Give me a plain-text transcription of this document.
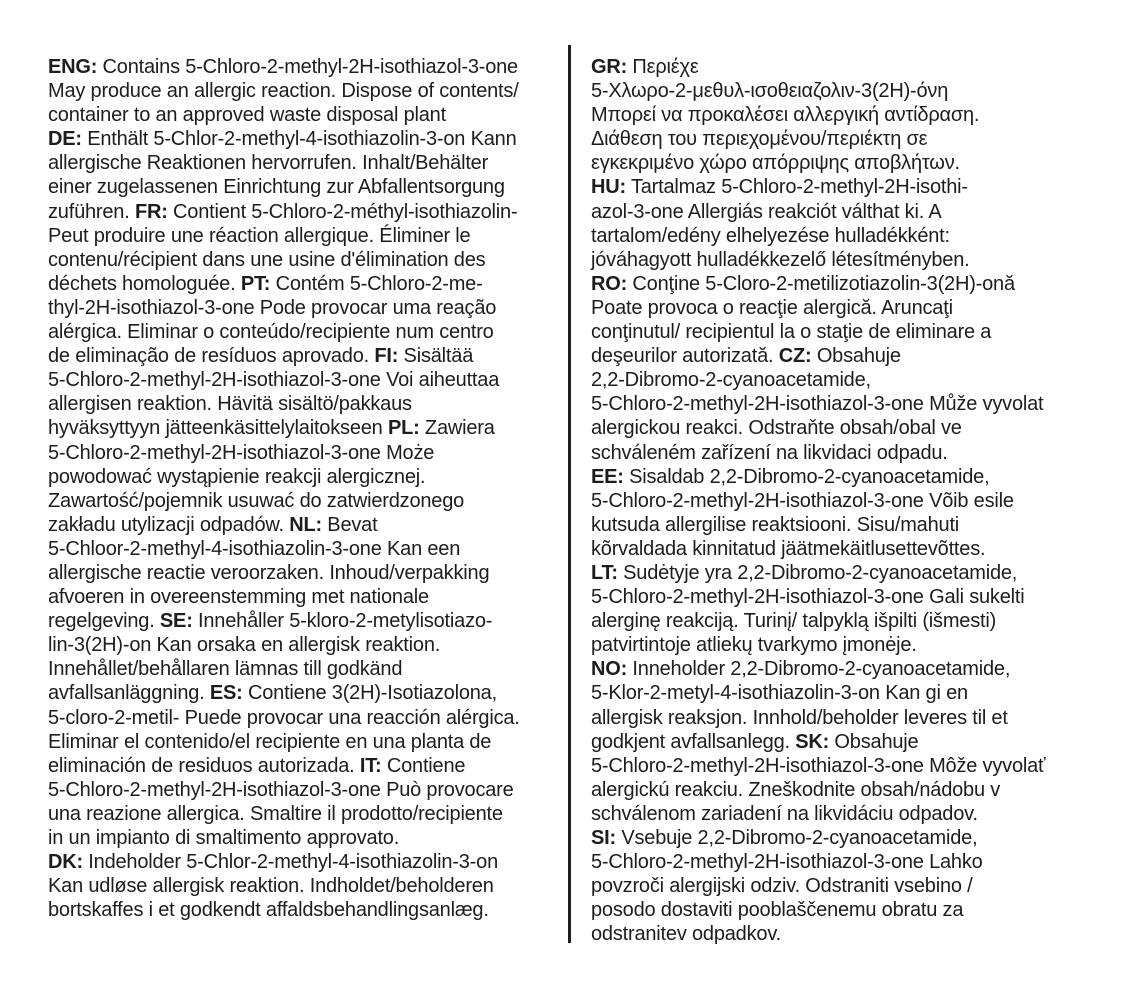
ENG: Contains 5-Chloro-2-methyl-2H-isothiazol-3-one
May produce an allergic reaction. Dispose of contents/
container to an approved waste disposal plant
DE: Enthält 5-Chlor-2-methyl-4-isothiazolin-3-on Kann
allergische Reaktionen hervorrufen. Inhalt/Behälter
einer zugelassenen Einrichtung zur Abfallentsorgung
zuführen. FR: Contient 5-Chloro-2-méthyl-isothiazolin-
Peut produire une réaction allergique. Éliminer le
contenu/récipient dans une usine d'élimination des
déchets homologuée. PT: Contém 5-Chloro-2-me-
thyl-2H-isothiazol-3-one Pode provocar uma reação
alérgica. Eliminar o conteúdo/recipiente num centro
de eliminação de resíduos aprovado. FI: Sisältää
5-Chloro-2-methyl-2H-isothiazol-3-one Voi aiheuttaa
allergisen reaktion. Hävitä sisältö/pakkaus
hyväksyttyyn jätteenkäsittelylaitokseen PL: Zawiera
5-Chloro-2-methyl-2H-isothiazol-3-one Może
powodować wystąpienie reakcji alergicznej.
Zawartość/pojemnik usuwać do zatwierdzonego
zakładu utylizacji odpadów. NL: Bevat
5-Chloor-2-methyl-4-isothiazolin-3-one Kan een
allergische reactie veroorzaken. Inhoud/verpakking
afvoeren in overeenstemming met nationale
regelgeving. SE: Innehåller 5-kloro-2-metylisotiazo-
lin-3(2H)-on Kan orsaka en allergisk reaktion.
Innehållet/behållaren lämnas till godkänd
avfallsanläggning. ES: Contiene 3(2H)-Isotiazolona,
5-cloro-2-metil- Puede provocar una reacción alérgica.
Eliminar el contenido/el recipiente en una planta de
eliminación de residuos autorizada. IT: Contiene
5-Chloro-2-methyl-2H-isothiazol-3-one Può provocare
una reazione allergica. Smaltire il prodotto/recipiente
in un impianto di smaltimento approvato.
DK: Indeholder 5-Chlor-2-methyl-4-isothiazolin-3-on
Kan udløse allergisk reaktion. Indholdet/beholderen
bortskaffes i et godkendt affaldsbehandlingsanlæg.
GR: Περιέχε
5-Χλωρο-2-μεθυλ-ισοθειαζολιν-3(2Η)-όνη
Μπορεί να προκαλέσει αλλεργική αντίδραση.
Διάθεση του περιεχομένου/περιέκτη σε
εγκεκριμένο χώρο απόρριψης αποβλήτων.
HU: Tartalmaz 5-Chloro-2-methyl-2H-isothi-
azol-3-one Allergiás reakciót válthat ki. A
tartalom/edény elhelyezése hulladékként:
jóváhagyott hulladékkezelő létesítményben.
RO: Conţine 5-Cloro-2-metilizotiazolin-3(2H)-onă
Poate provoca o reacţie alergică. Aruncaţi
conţinutul/ recipientul la o staţie de eliminare a
deşeurilor autorizată. CZ: Obsahuje
2,2-Dibromo-2-cyanoacetamide,
5-Chloro-2-methyl-2H-isothiazol-3-one Může vyvolat
alergickou reakci. Odstraňte obsah/obal ve
schváleném zařízení na likvidaci odpadu.
EE: Sisaldab 2,2-Dibromo-2-cyanoacetamide,
5-Chloro-2-methyl-2H-isothiazol-3-one Võib esile
kutsuda allergilise reaktsiooni. Sisu/mahuti
kõrvaldada kinnitatud jäätmekäitlusettevõttes.
LT: Sudėtyje yra 2,2-Dibromo-2-cyanoacetamide,
5-Chloro-2-methyl-2H-isothiazol-3-one Gali sukelti
alerginę reakciją. Turinį/ talpyklą išpilti (išmesti)
patvirtintoje atliekų tvarkymo įmonėje.
NO: Inneholder 2,2-Dibromo-2-cyanoacetamide,
5-Klor-2-metyl-4-isothiazolin-3-on Kan gi en
allergisk reaksjon. Innhold/beholder leveres til et
godkjent avfallsanlegg. SK: Obsahuje
5-Chloro-2-methyl-2H-isothiazol-3-one Môže vyvolať
alergickú reakciu. Zneškodnite obsah/nádobu v
schválenom zariadení na likvidáciu odpadov.
SI: Vsebuje 2,2-Dibromo-2-cyanoacetamide,
5-Chloro-2-methyl-2H-isothiazol-3-one Lahko
povzroči alergijski odziv. Odstraniti vsebino /
posodo dostaviti pooblaščenemu obratu za
odstranitev odpadkov.
